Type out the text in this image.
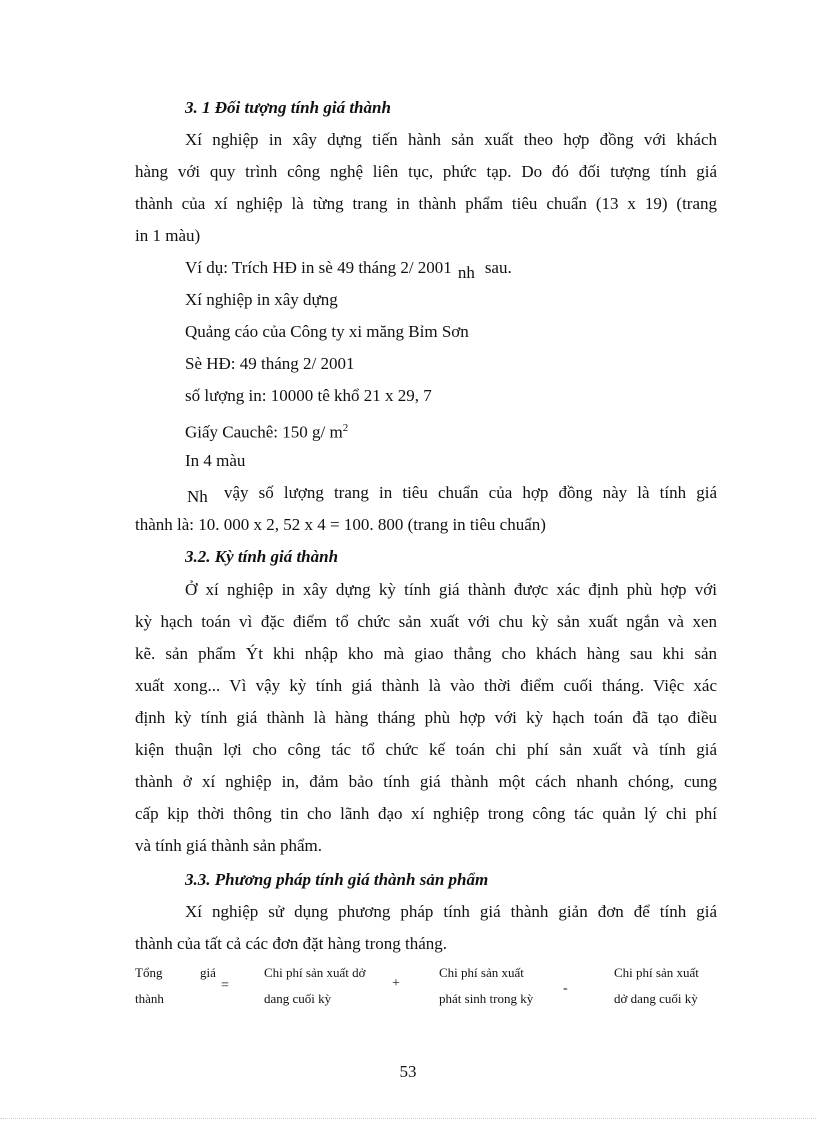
3. 1 Đối tượng tính giá thành
Xí nghiệp in xây dựng tiến hành sản xuất theo hợp đồng với khách
hàng với quy trình công nghệ liên tục, phức tạp. Do đó đối tượng tính giá
thành của xí nghiệp là từng trang in thành phẩm tiêu chuẩn (13 x 19) (trang
in 1 màu)
Ví dụ: Trích HĐ in sè 49 tháng 2/ 2001 nh sau.
Xí nghiệp in xây dựng
Quảng cáo của Công ty xi măng Bỉm Sơn
Sè HĐ: 49 tháng 2/ 2001
số lượng in: 10000 tê khổ 21 x 29, 7
Giấy Cauchê: 150 g/ $m^2$
In 4 màu
Nh vậy số lượng trang in tiêu chuẩn của hợp đồng này là tính giá
thành là: 10. 000 x 2, 52 x 4 = 100. 800 (trang in tiêu chuẩn)
3.2. Kỳ tính giá thành
Ở xí nghiệp in xây dựng kỳ tính giá thành được xác định phù hợp với
kỳ hạch toán vì đặc điểm tổ chức sản xuất với chu kỳ sản xuất ngắn và xen
kẽ. sản phẩm Ýt khi nhập kho mà giao thẳng cho khách hàng sau khi sản
xuất xong... Vì vậy kỳ tính giá thành là vào thời điểm cuối tháng. Việc xác
định kỳ tính giá thành là hàng tháng phù hợp với kỳ hạch toán đã tạo điều
kiện thuận lợi cho công tác tổ chức kế toán chi phí sản xuất và tính giá
thành ở xí nghiệp in, đảm bảo tính giá thành một cách nhanh chóng, cung
cấp kịp thời thông tin cho lãnh đạo xí nghiệp trong công tác quản lý chi phí
và tính giá thành sản phẩm.
3.3. Phương pháp tính giá thành sản phẩm
Xí nghiệp sử dụng phương pháp tính giá thành giản đơn để tính giá
thành của tất cả các đơn đặt hàng trong tháng.
Tổng	giá
thành
=
Chi phí sản xuất dở
dang cuối kỳ
+
Chi phí sản xuất
phát sinh trong kỳ
-
Chi phí sản xuất
dở dang cuối kỳ
53
